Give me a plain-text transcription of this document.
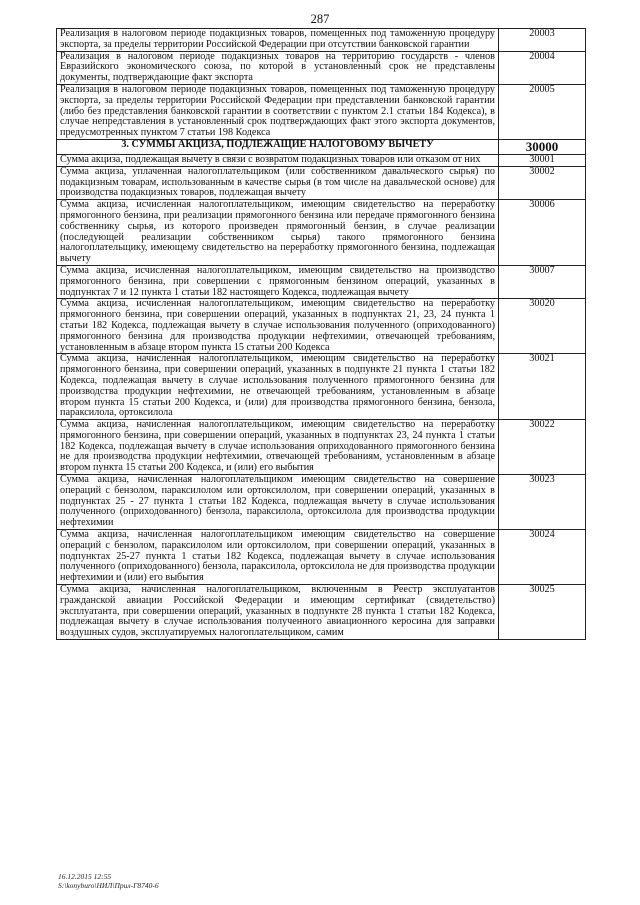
287
Реализация в налоговом периоде подакцизных товаров, помещенных под таможенную процедуру экспорта, за пределы территории Российской Федерации при отсутствии банковской гарантии	20003
Реализация в налоговом периоде подакцизных товаров на территорию государств - членов Евразийского экономического союза, по которой в установленный срок не представлены документы, подтверждающие факт экспорта	20004
Реализация в налоговом периоде подакцизных товаров, помещенных под таможенную процедуру экспорта, за пределы территории Российской Федерации при представлении банковской гарантии (либо без представления банковской гарантии в соответствии с пунктом 2.1 статьи 184 Кодекса), в случае непредставления в установленный срок подтверждающих факт этого экспорта документов, предусмотренных пунктом 7 статьи 198 Кодекса	20005
3. СУММЫ АКЦИЗА, ПОДЛЕЖАЩИЕ НАЛОГОВОМУ ВЫЧЕТУ	30000
Сумма акциза, подлежащая вычету в связи с возвратом подакцизных товаров или отказом от них	30001
Сумма акциза, уплаченная налогоплательщиком (или собственником давальческого сырья) по подакцизным товарам, использованным в качестве сырья (в том числе на давальческой основе) для производства подакцизных товаров, подлежащая вычету	30002
Сумма акциза, исчисленная налогоплательщиком, имеющим свидетельство на переработку прямогонного бензина, при реализации прямогонного бензина или передаче прямогонного бензина собственнику сырья, из которого произведен прямогонный бензин, в случае реализации (последующей реализации собственником сырья) такого прямогонного бензина налогоплательщику, имеющему свидетельство на переработку прямогонного бензина, подлежащая вычету	30006
Сумма акциза, исчисленная налогоплательщиком, имеющим свидетельство на производство прямогонного бензина, при совершении с прямогонным бензином операций, указанных в подпунктах 7 и 12 пункта 1 статьи 182 настоящего Кодекса, подлежащая вычету	30007
Сумма акциза, исчисленная налогоплательщиком, имеющим свидетельство на переработку прямогонного бензина, при совершении операций, указанных в подпунктах 21, 23, 24 пункта 1 статьи 182 Кодекса, подлежащая вычету в случае использования полученного (оприходованного) прямогонного бензина для производства продукции нефтехимии, отвечающей требованиям, установленным в абзаце втором пункта 15 статьи 200 Кодекса	30020
Сумма акциза, начисленная налогоплательщиком, имеющим свидетельство на переработку прямогонного бензина, при совершении операций, указанных в подпункте 21 пункта 1 статьи 182 Кодекса, подлежащая вычету в случае использования полученного прямогонного бензина для производства продукции нефтехимии, не отвечающей требованиям, установленным в абзаце втором пункта 15 статьи 200 Кодекса, и (или) для производства прямогонного бензина, бензола, параксилола, ортоксилола	30021
Сумма акциза, начисленная налогоплательщиком, имеющим свидетельство на переработку прямогонного бензина, при совершении операций, указанных в подпунктах 23, 24 пункта 1 статьи 182 Кодекса, подлежащая вычету в случае использования оприходованного прямогонного бензина не для производства продукции нефтехимии, отвечающей требованиям, установленным в абзаце втором пункта 15 статьи 200 Кодекса, и (или) его выбытия	30022
Сумма акциза, начисленная налогоплательщиком имеющим свидетельство на совершение операций с бензолом, параксилолом или ортоксилолом, при совершении операций, указанных в подпунктах 25 - 27 пункта 1 статьи 182 Кодекса, подлежащая вычету в случае использования полученного (оприходованного) бензола, параксилола, ортоксилола для производства продукции нефтехимии	30023
Сумма акциза, начисленная налогоплательщиком имеющим свидетельство на совершение операций с бензолом, параксилолом или ортоксилолом, при совершении операций, указанных в подпунктах 25-27 пункта 1 статьи 182 Кодекса, подлежащая вычету в случае использования полученного (оприходованного) бензола, параксилола, ортоксилола не для производства продукции нефтехимии и (или) его выбытия	30024
Сумма акциза, начисленная налогоплательщиком, включенным в Реестр эксплуатантов гражданской авиации Российской Федерации и имеющим сертификат (свидетельство) эксплуатанта, при совершении операций, указанных в подпункте 28 пункта 1 статьи 182 Кодекса, подлежащая вычету в случае использования полученного авиационного керосина для заправки воздушных судов, эксплуатируемых налогоплательщиком, самим	30025
16.12.2015 12:55
S:\konyburo\НИЛ\Прил-Г8740-6
